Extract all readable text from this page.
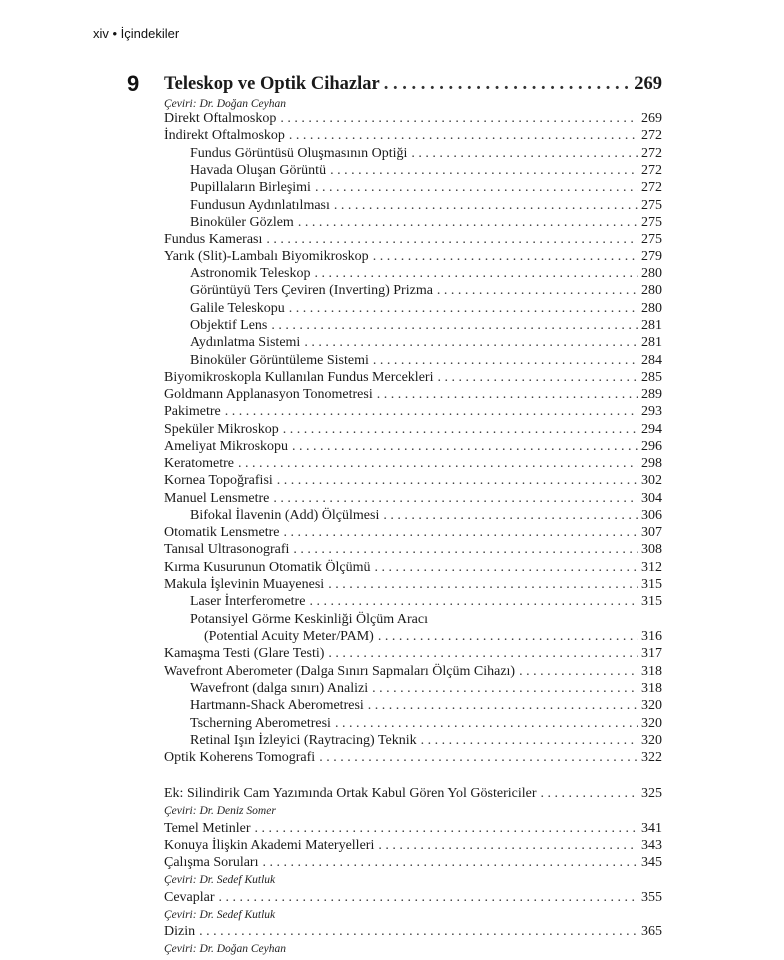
xiv • İçindekiler
9 Teleskop ve Optik Cihazlar . . .	269
Çeviri: Dr. Doğan Ceyhan
Direkt Oftalmoskop . . .	269
İndirekt Oftalmoskop . . .	272
Fundus Görüntüsü Oluşmasının Optiği . . .	272
Havada Oluşan Görüntü . . .	272
Pupillaların Birleşimi . . .	272
Fundusun Aydınlatılması . . .	275
Binoküler Gözlem . . .	275
Fundus Kamerası . . .	275
Yarık (Slit)-Lambalı Biyomikroskop . . .	279
Astronomik Teleskop . . .	280
Görüntüyü Ters Çeviren (Inverting) Prizma . . .	280
Galile Teleskopu . . .	280
Objektif Lens . . .	281
Aydınlatma Sistemi . . .	281
Binoküler Görüntüleme Sistemi . . .	284
Biyomikroskopla Kullanılan Fundus Mercekleri . . .	285
Goldmann Applanasyon Tonometresi . . .	289
Pakimetre . . .	293
Speküler Mikroskop . . .	294
Ameliyat Mikroskopu . . .	296
Keratometre . . .	298
Kornea Topoğrafisi . . .	302
Manuel Lensmetre . . .	304
Bifokal İlavenin (Add) Ölçülmesi . . .	306
Otomatik Lensmetre . . .	307
Tanısal Ultrasonografi . . .	308
Kırma Kusurunun Otomatik Ölçümü . . .	312
Makula İşlevinin Muayenesi . . .	315
Laser İnterferometre . . .	315
Potansiyel Görme Keskinliği Ölçüm Aracı
(Potential Acuity Meter/PAM) . . .	316
Kamaşma Testi (Glare Testi) . . .	317
Wavefront Aberometer (Dalga Sınırı Sapmaları Ölçüm Cihazı) . . .	318
Wavefront (dalga sınırı) Analizi . . .	318
Hartmann-Shack Aberometresi . . .	320
Tscherning Aberometresi . . .	320
Retinal Işın İzleyici (Raytracing) Teknik . . .	320
Optik Koherens Tomografi . . .	322
Ek: Silindirik Cam Yazımında Ortak Kabul Gören Yol Göstericiler . . .	325
Çeviri: Dr. Deniz Somer
Temel Metinler . . .	341
Konuya İlişkin Akademi Materyelleri . . .	343
Çalışma Soruları . . .	345
Çeviri: Dr. Sedef Kutluk
Cevaplar . . .	355
Çeviri: Dr. Sedef Kutluk
Dizin . . .	365
Çeviri: Dr. Doğan Ceyhan
